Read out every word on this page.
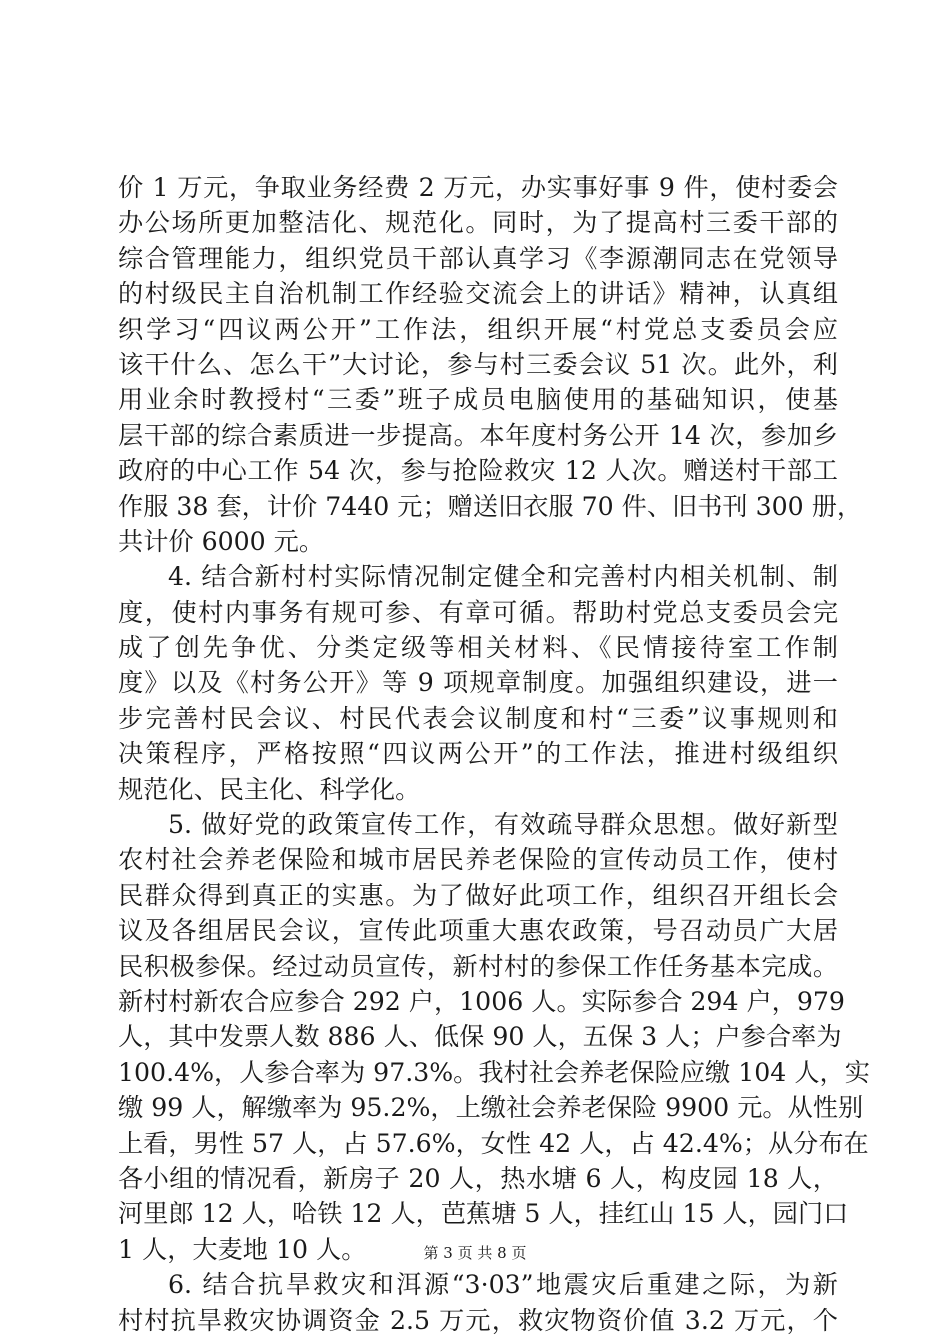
价 1 万元，争取业务经费 2 万元，办实事好事 9 件，使村委会
办公场所更加整洁化、规范化。同时，为了提高村三委干部的
综合管理能力，组织党员干部认真学习《李源潮同志在党领导
的村级民主自治机制工作经验交流会上的讲话》精神，认真组
织学习“四议两公开”工作法，组织开展“村党总支委员会应
该干什么、怎么干”大讨论，参与村三委会议 51 次。此外，利
用业余时教授村“三委”班子成员电脑使用的基础知识，使基
层干部的综合素质进一步提高。本年度村务公开 14 次，参加乡
政府的中心工作 54 次，参与抢险救灾 12 人次。赠送村干部工
作服 38 套，计价 7440 元；赠送旧衣服 70 件、旧书刊 300 册，
共计价 6000 元。
4. 结合新村村实际情况制定健全和完善村内相关机制、制
度，使村内事务有规可参、有章可循。帮助村党总支委员会完
成了创先争优、分类定级等相关材料、《民情接待室工作制
度》以及《村务公开》等 9 项规章制度。加强组织建设，进一
步完善村民会议、村民代表会议制度和村“三委”议事规则和
决策程序，严格按照“四议两公开”的工作法，推进村级组织
规范化、民主化、科学化。
5. 做好党的政策宣传工作，有效疏导群众思想。做好新型
农村社会养老保险和城市居民养老保险的宣传动员工作，使村
民群众得到真正的实惠。为了做好此项工作，组织召开组长会
议及各组居民会议，宣传此项重大惠农政策，号召动员广大居
民积极参保。经过动员宣传，新村村的参保工作任务基本完成。
新村村新农合应参合 292 户，1006 人。实际参合 294 户，979
人，其中发票人数 886 人、低保 90 人，五保 3 人；户参合率为
100.4%，人参合率为 97.3%。我村社会养老保险应缴 104 人，实
缴 99 人，解缴率为 95.2%，上缴社会养老保险 9900 元。从性别
上看，男性 57 人，占 57.6%，女性 42 人，占 42.4%；从分布在
各小组的情况看，新房子 20 人，热水塘 6 人，构皮园 18 人，
河里郎 12 人，哈铁 12 人，芭蕉塘 5 人，挂红山 15 人，园门口
1 人，大麦地 10 人。
6. 结合抗旱救灾和洱源“3·03”地震灾后重建之际，为新
村村抗旱救灾协调资金 2.5 万元，救灾物资价值 3.2 万元，个
第 3 页 共 8 页
